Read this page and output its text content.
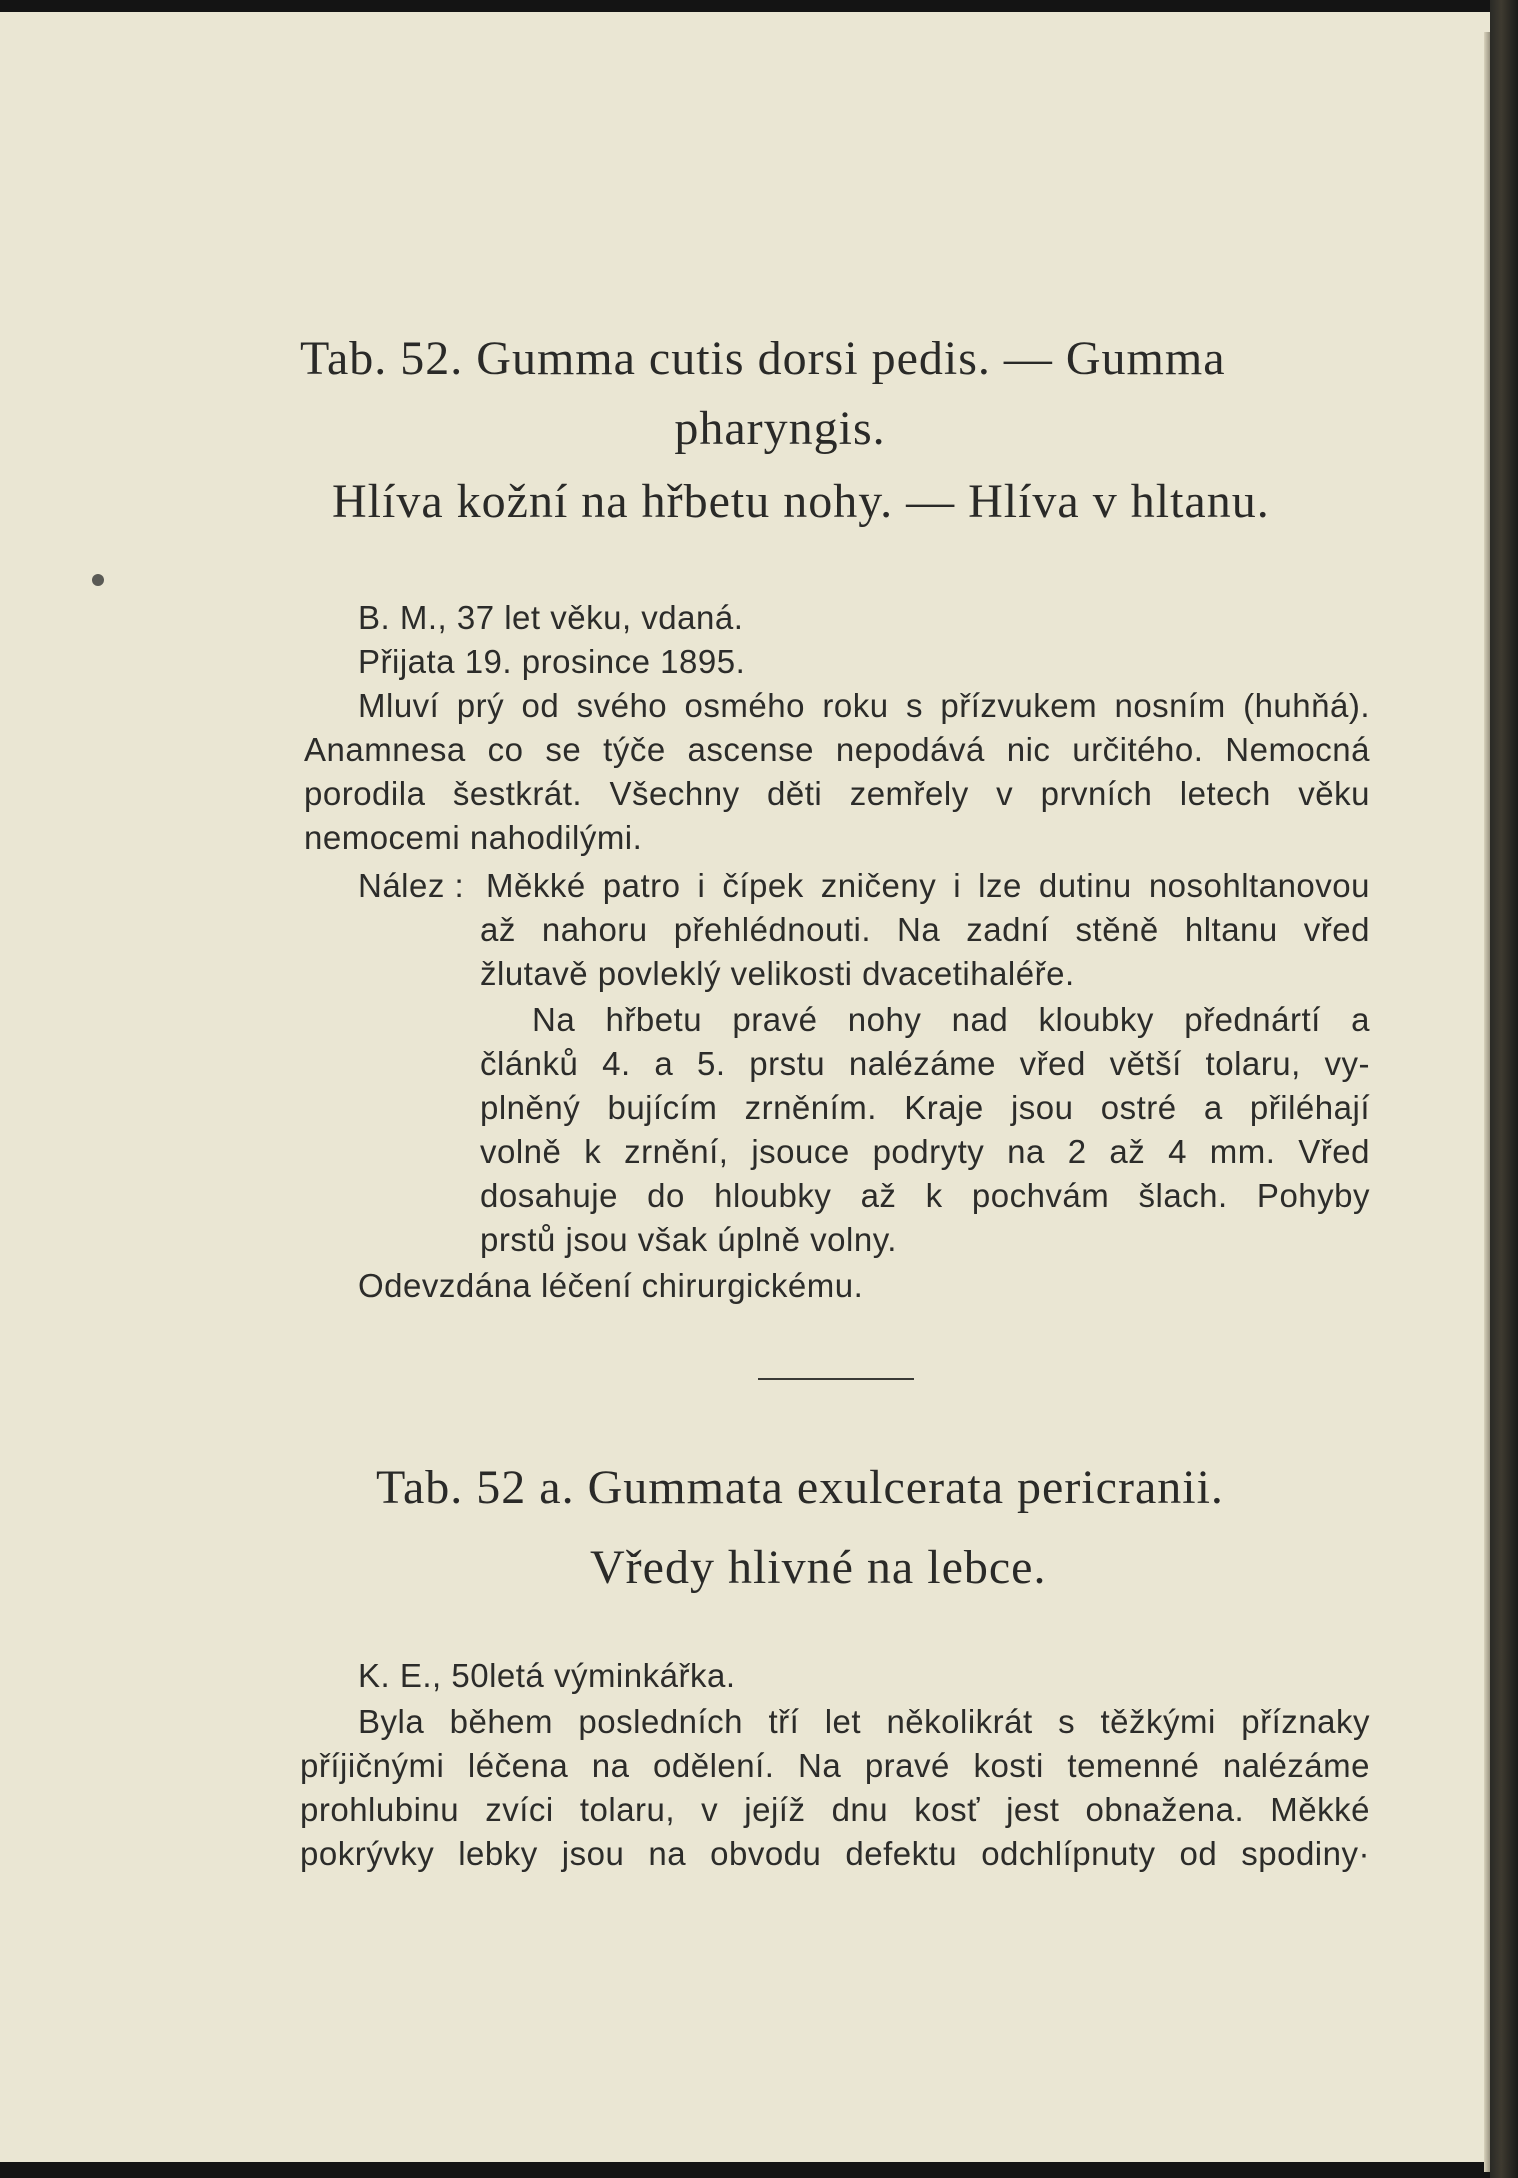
Tab. 52. Gumma cutis dorsi pedis. — Gumma
pharyngis.
Hlíva kožní na hřbetu nohy. — Hlíva v hltanu.
B. M., 37 let věku, vdaná.
Přijata 19. prosince 1895.
Mluví prý od svého osmého roku s přízvukem nosním (huhňá).
Anamnesa co se týče ascense nepodává nic určitého. Nemocná
porodila šestkrát. Všechny děti zemřely v prvních letech věku
nemocemi nahodilými.
Nález : Měkké patro i čípek zničeny i lze dutinu nosohltanovou
až nahoru přehlédnouti. Na zadní stěně hltanu vřed
žlutavě povleklý velikosti dvacetihaléře.
Na hřbetu pravé nohy nad kloubky přednártí a
článků 4. a 5. prstu nalézáme vřed větší tolaru, vy-
plněný bujícím zrněním. Kraje jsou ostré a přiléhají
volně k zrnění, jsouce podryty na 2 až 4 mm. Vřed
dosahuje do hloubky až k pochvám šlach. Pohyby
prstů jsou však úplně volny.
Odevzdána léčení chirurgickému.
Tab. 52 a. Gummata exulcerata pericranii.
Vředy hlivné na lebce.
K. E., 50letá výminkářka.
Byla během posledních tří let několikrát s těžkými příznaky
příjičnými léčena na odělení. Na pravé kosti temenné nalézáme
prohlubinu zvíci tolaru, v jejíž dnu kosť jest obnažena. Měkké
pokrývky lebky jsou na obvodu defektu odchlípnuty od spodiny·
